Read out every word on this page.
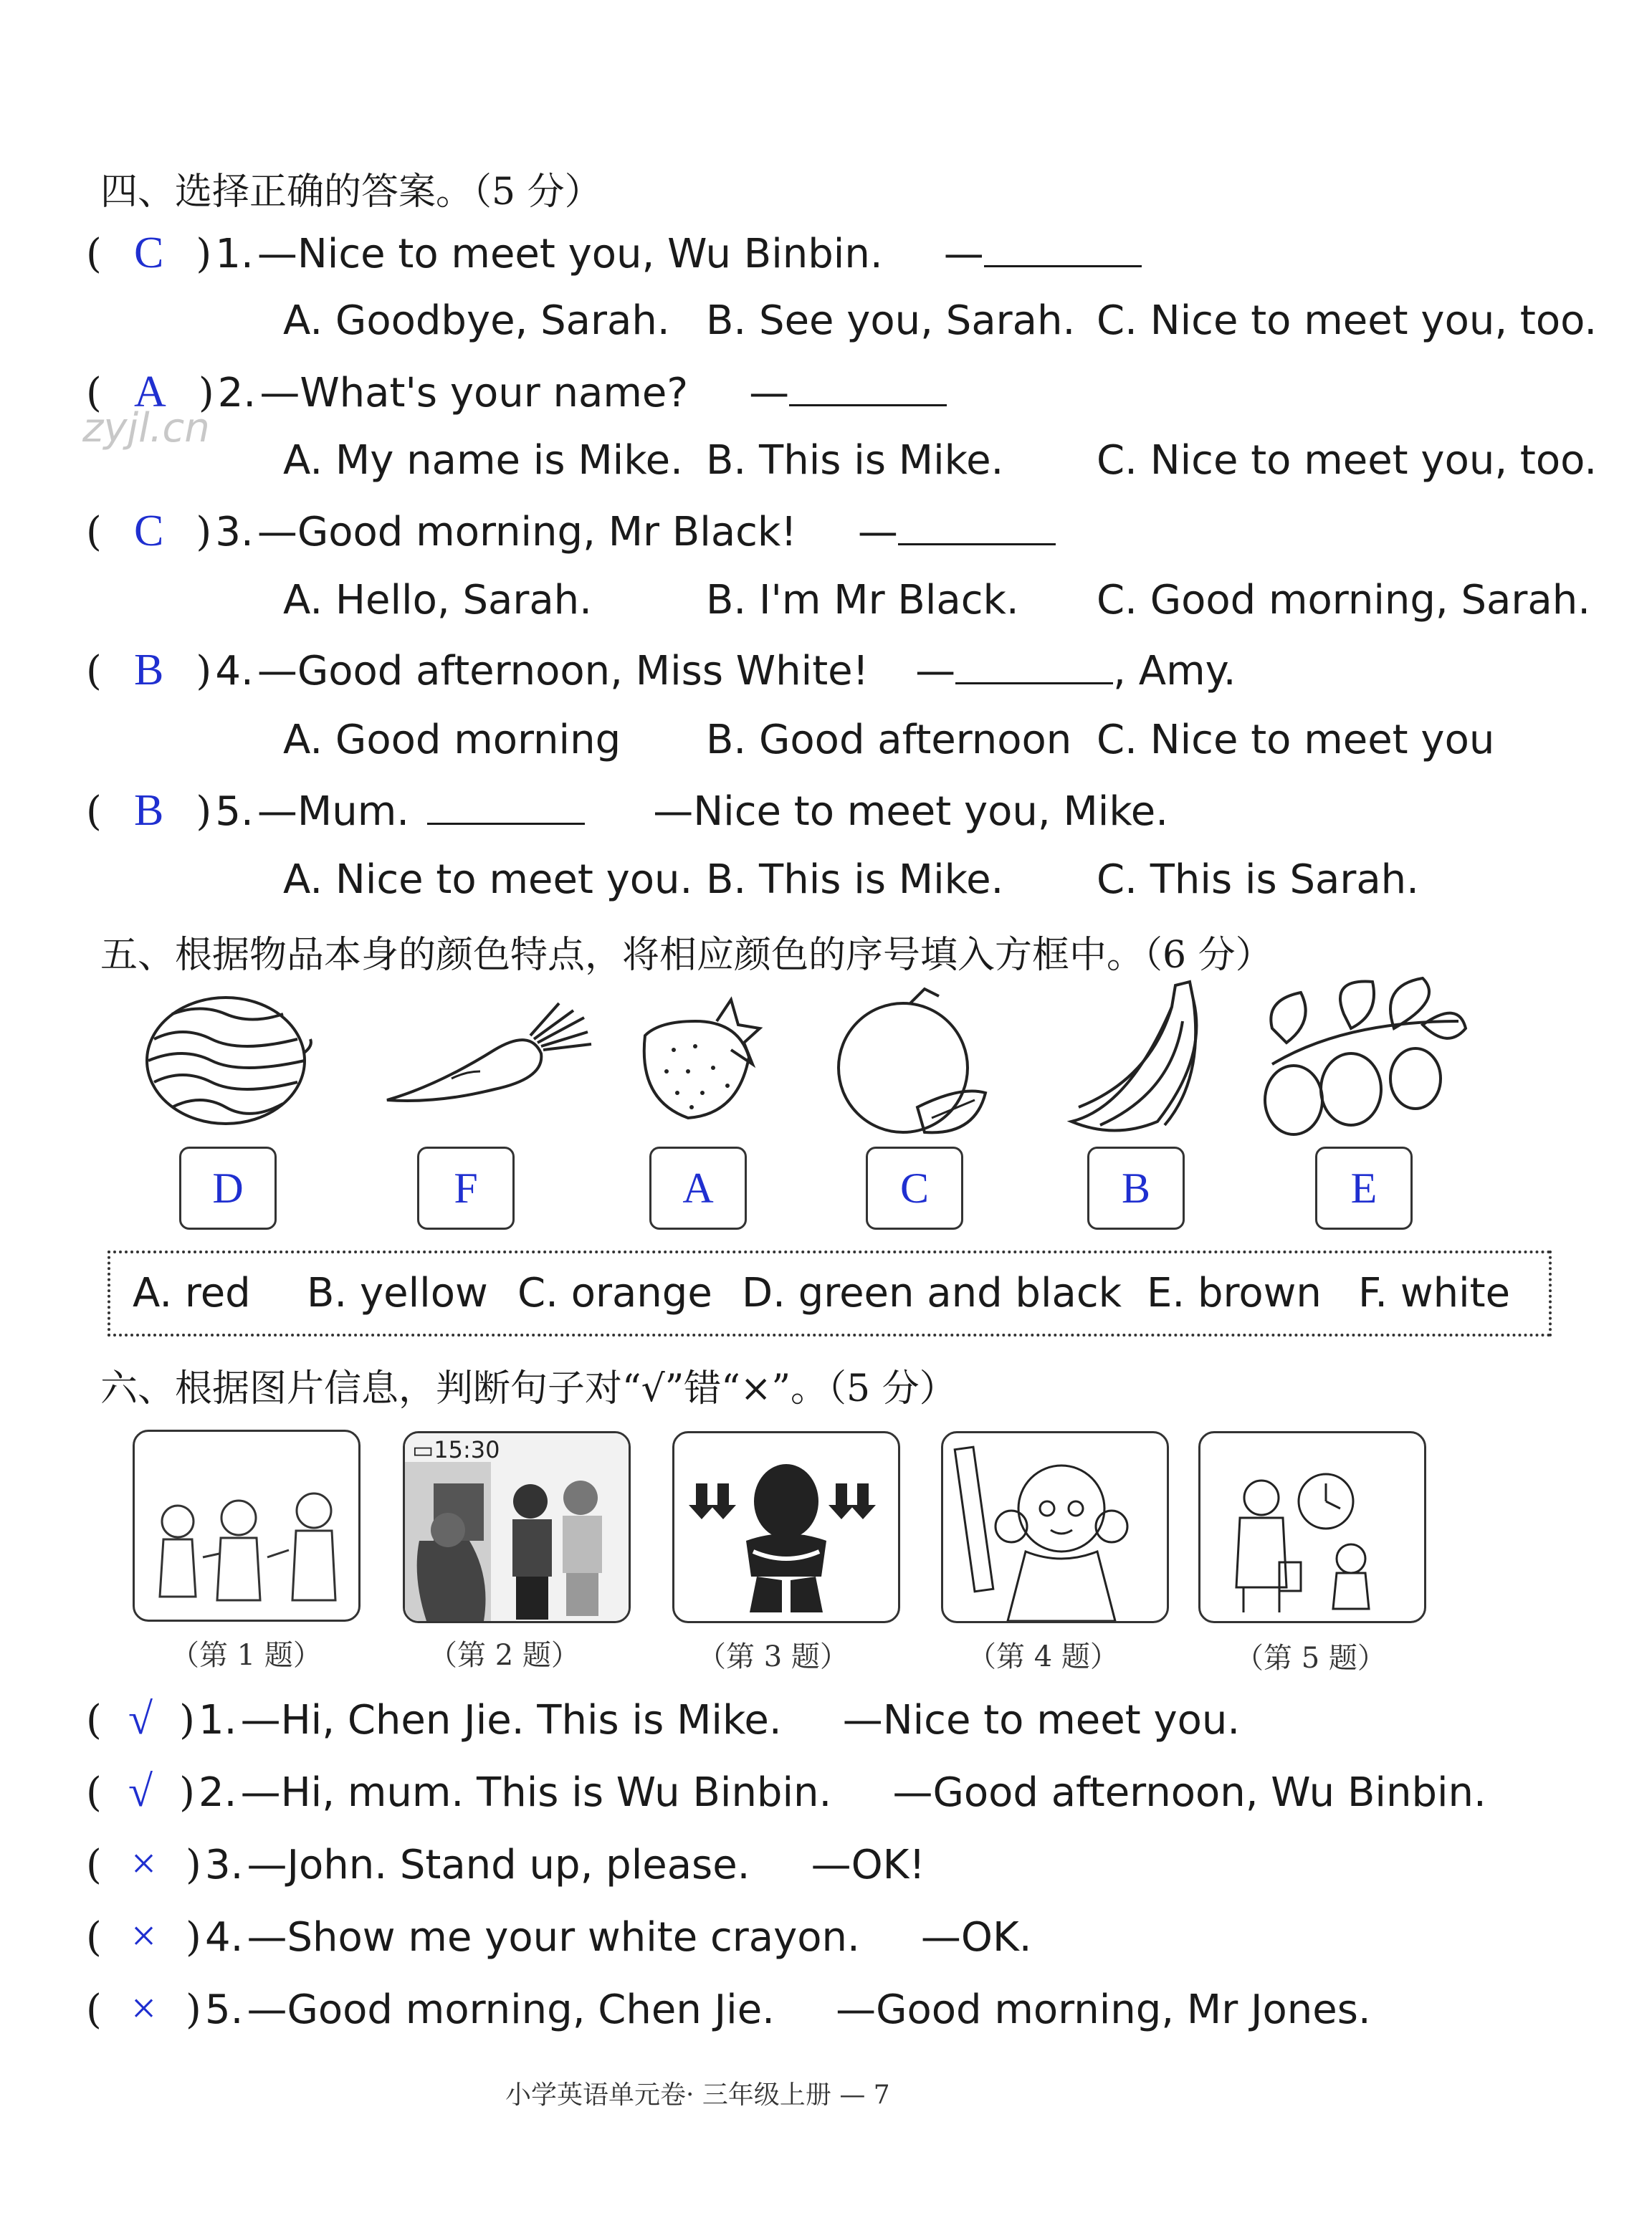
四、选择正确的答案。（5 分）
( C ) 1. —Nice to meet you, Wu Binbin. —
A. Goodbye, Sarah. B. See you, Sarah. C. Nice to meet you, too.
( A ) 2. —What's your name? —
zyjl.cn
A. My name is Mike. B. This is Mike. C. Nice to meet you, too.
( C ) 3. —Good morning, Mr Black! —
A. Hello, Sarah.	B. I'm Mr Black. C. Good morning, Sarah.
( B ) 4. —Good afternoon, Miss White! —	, Amy.
A. Good morning B. Good afternoon C. Nice to meet you
( B ) 5. —Mum.	—Nice to meet you, Mike.
A. Nice to meet you. B. This is Mike. C. This is Sarah.
五、根据物品本身的颜色特点，将相应颜色的序号填入方框中。（6 分）
D	F	A	C	B	E
A. red B. yellow C. orange D. green and black E. brown F. white
六、根据图片信息，判断句子对“√”错“×”。（5 分）
▭15:30
（第 1 题）	（第 2 题）	（第 3 题）	（第 4 题）	（第 5 题）
( √ ) 1. —Hi, Chen Jie. This is Mike. —Nice to meet you.
( √ ) 2. —Hi, mum. This is Wu Binbin. —Good afternoon, Wu Binbin.
( × ) 3. —John. Stand up, please. —OK!
( × ) 4. —Show me your white crayon. —OK.
( × ) 5. —Good morning, Chen Jie. —Good morning, Mr Jones.
小学英语单元卷· 三年级上册 — 7
